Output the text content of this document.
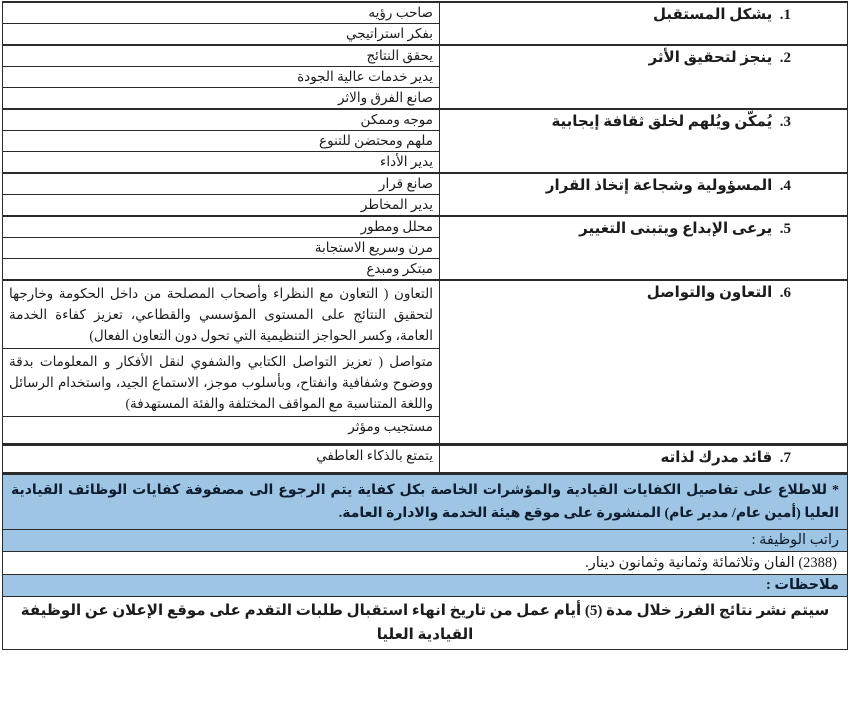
1.  يشكل المستقبل	صاحب رؤيه
	بفكر استراتيجي
2.  ينجز لتحقيق الأثر	يحقق النتائج
	يدير خدمات عالية الجودة
	صانع الفرق والاثر
3.  يُمكّن ويُلهم لخلق ثقافة إيجابية	موجه وممكن
	ملهم ومحتضن للتنوع
	يدير الأداء
4.  المسؤولية وشجاعة إتخاذ القرار	صانع قرار
	يدير المخاطر
5.  يرعى الإبداع ويتبنى التغيير	محلل ومطور
	مرن وسريع الاستجابة
	مبتكر ومبدع
6.  التعاون والتواصل	التعاون ( التعاون مع النظراء وأصحاب المصلحة من داخل الحكومة وخارجها لتحقيق النتائج على المستوى المؤسسي والقطاعي، تعزيز كفاءة الخدمة العامة، وكسر الحواجز التنظيمية التي تحول دون التعاون الفعال)
	متواصل ( تعزيز التواصل الكتابي والشفوي لنقل الأفكار و المعلومات بدقة ووضوح وشفافية وانفتاح، وبأسلوب موجز، الاستماع الجيد، واستخدام الرسائل واللغة المتناسبة مع المواقف المختلفة والفئة المستهدفة)
	مستجيب ومؤثر
7.  قائد مدرك لذاته	يتمتع بالذكاء العاطفي
* للاطلاع على تفاصيل الكفايات القيادية والمؤشرات الخاصة بكل كفاية يتم الرجوع الى مصفوفة كفايات الوظائف القيادية العليا (أمين عام/ مدير عام) المنشورة على موقع هيئة الخدمة والادارة العامة.	
راتب الوظيفة :	
(2388) الفان وثلاثمائة وثمانية وثمانون دينار.	
ملاحظات :	
سيتم نشر نتائج الفرز خلال مدة (5) أيام عمل من تاريخ انهاء استقبال طلبات التقدم على موقع الإعلان عن الوظيفة القيادية العليا	
